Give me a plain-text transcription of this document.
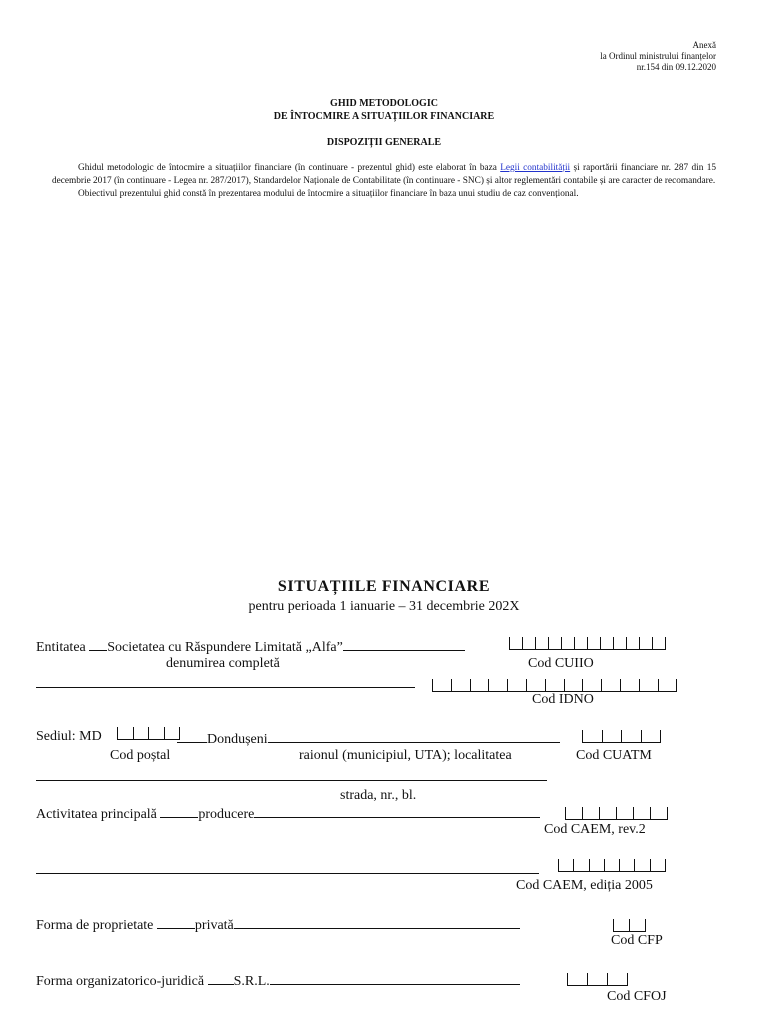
Anexă
la Ordinul ministrului finanțelor
nr.154 din 09.12.2020
GHID METODOLOGIC
DE ÎNTOCMIRE A SITUAȚIILOR FINANCIARE
DISPOZIȚII GENERALE

Ghidul metodologic de întocmire a situațiilor financiare (în continuare - prezentul ghid) este elaborat în baza Legii contabilității și raportării financiare nr. 287 din 15 decembrie 2017 (în continuare - Legea nr. 287/2017), Standardelor Naționale de Contabilitate (în continuare - SNC) și altor reglementări contabile și are caracter de recomandare.

Obiectivul prezentului ghid constă în prezentarea modului de întocmire a situațiilor financiare în baza unui studiu de caz convențional.

SITUAȚIILE FINANCIARE
pentru perioada 1 ianuarie – 31 decembrie 202X
Entitatea Societatea cu Răspundere Limitată „Alfa”
denumirea completă	Cod CUIIO
Cod IDNO
Sediul: MD	Dondușeni
Cod poștal	raionul (municipiul, UTA); localitatea	Cod CUATM
strada, nr., bl.
Activitatea principală	producere
Cod CAEM, rev.2
Cod CAEM, ediția 2005
Forma de proprietate	privată
Cod CFP
Forma organizatorico-juridică S.R.L.
Cod CFOJ
